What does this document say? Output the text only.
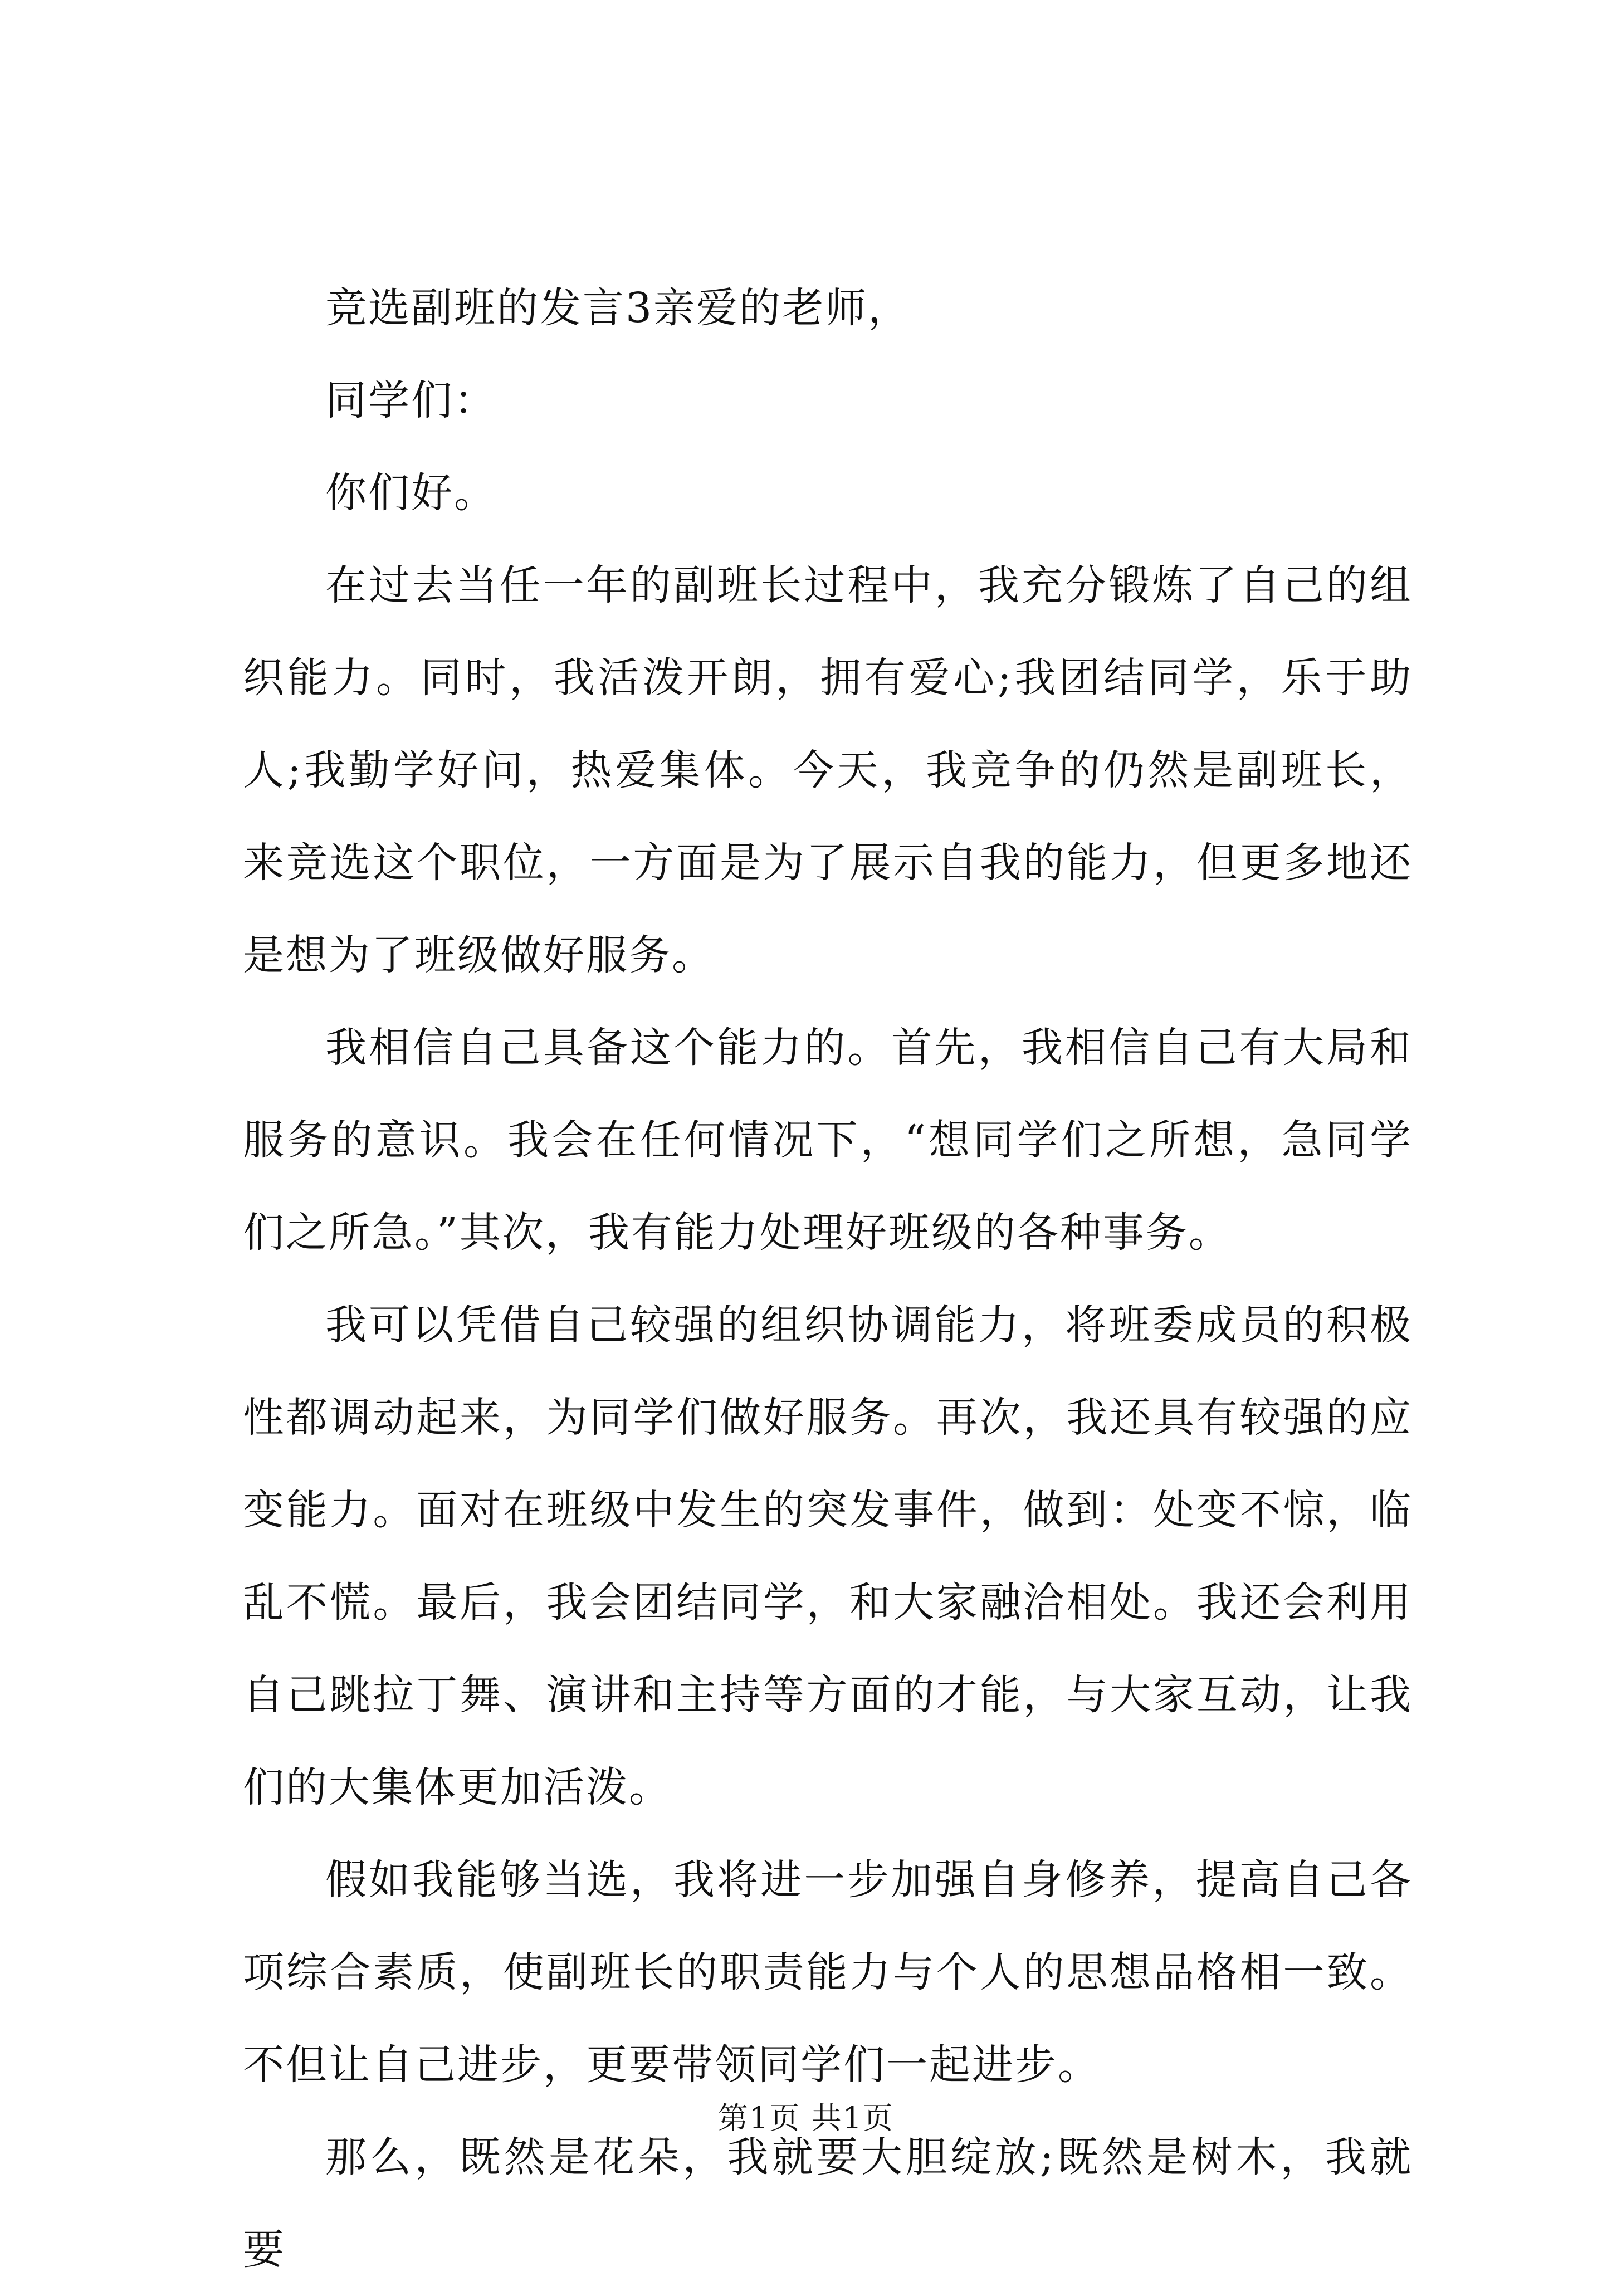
竞选副班的发言3亲爱的老师，

同学们：

你们好。

在过去当任一年的副班长过程中，我充分锻炼了自己的组织能力。同时，我活泼开朗，拥有爱心;我团结同学，乐于助人;我勤学好问，热爱集体。今天，我竞争的仍然是副班长，来竞选这个职位，一方面是为了展示自我的能力，但更多地还是想为了班级做好服务。

我相信自己具备这个能力的。首先，我相信自己有大局和服务的意识。我会在任何情况下，“想同学们之所想，急同学们之所急。”其次，我有能力处理好班级的各种事务。

我可以凭借自己较强的组织协调能力，将班委成员的积极性都调动起来，为同学们做好服务。再次，我还具有较强的应变能力。面对在班级中发生的突发事件，做到：处变不惊，临乱不慌。最后，我会团结同学，和大家融洽相处。我还会利用自己跳拉丁舞、演讲和主持等方面的才能，与大家互动，让我们的大集体更加活泼。

假如我能够当选，我将进一步加强自身修养，提高自己各项综合素质，使副班长的职责能力与个人的思想品格相一致。不但让自己进步，更要带领同学们一起进步。

那么，既然是花朵，我就要大胆绽放;既然是树木，我就要

第1页 共1页
